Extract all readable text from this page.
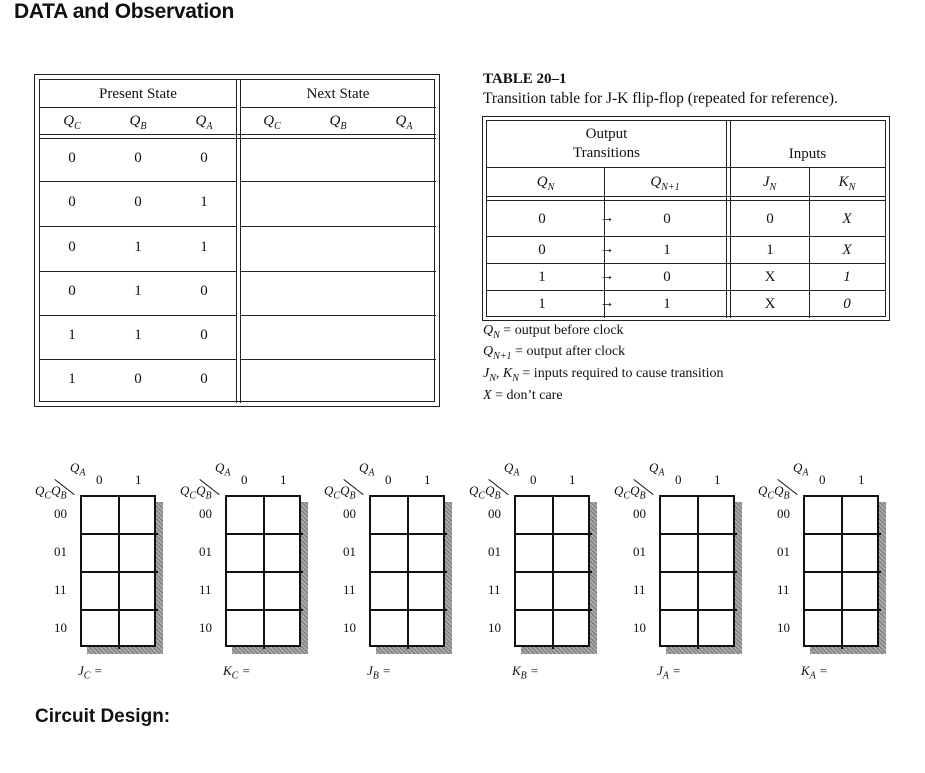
DATA and Observation
Present State	Next State
$Q_C$	$Q_B$	$Q_A$	$Q_C$	$Q_B$	$Q_A$
0	0	0
0	0	1
0	1	1
0	1	0
1	1	0
1	0	0
TABLE 20–1
Transition table for J-K flip-flop (repeated for reference).
Output
Transitions	Inputs
$Q_N$	$Q_{N+1}$	$J_N$	$K_N$
0	→	0	0	X
0	→	1	1	X
1	→	0	X	1
1	→	1	X	0
$Q_N$ = output before clock
$Q_{N+1}$ = output after clock
$J_N$, $K_N$ = inputs required to cause transition
X = don’t care
$Q_A$ 0	1
$Q_CQ_B$
00
01
11
10
$J_C$ =
$Q_A$ 0	1
$Q_CQ_B$
00
01
11
10
$K_C$ =
$Q_A$ 0	1
$Q_CQ_B$
00
01
11
10
$J_B$ =
$Q_A$ 0	1
$Q_CQ_B$
00
01
11
10
$K_B$ =
$Q_A$ 0	1
$Q_CQ_B$
00
01
11
10
$J_A$ =
$Q_A$ 0	1
$Q_CQ_B$
00
01
11
10
$K_A$ =
Circuit Design:
